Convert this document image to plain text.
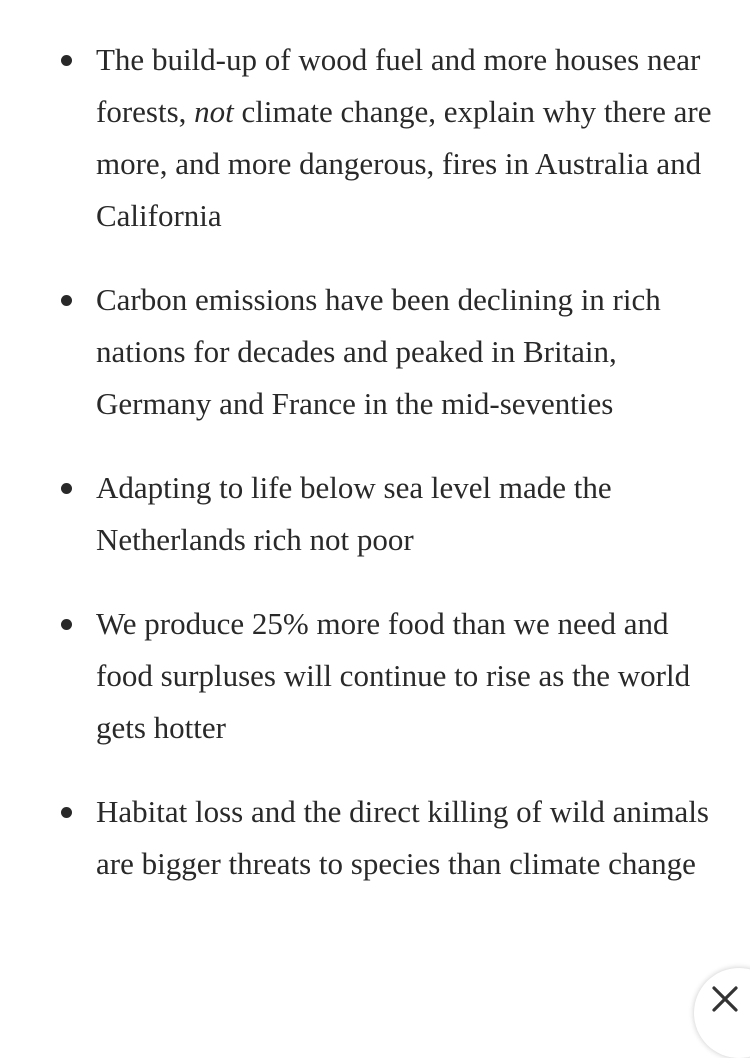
The build-up of wood fuel and more houses near forests, not climate change, explain why there are more, and more dangerous, fires in Australia and California
Carbon emissions have been declining in rich nations for decades and peaked in Britain, Germany and France in the mid-seventies
Adapting to life below sea level made the Netherlands rich not poor
We produce 25% more food than we need and food surpluses will continue to rise as the world gets hotter
Habitat loss and the direct killing of wild animals are bigger threats to species than climate change
